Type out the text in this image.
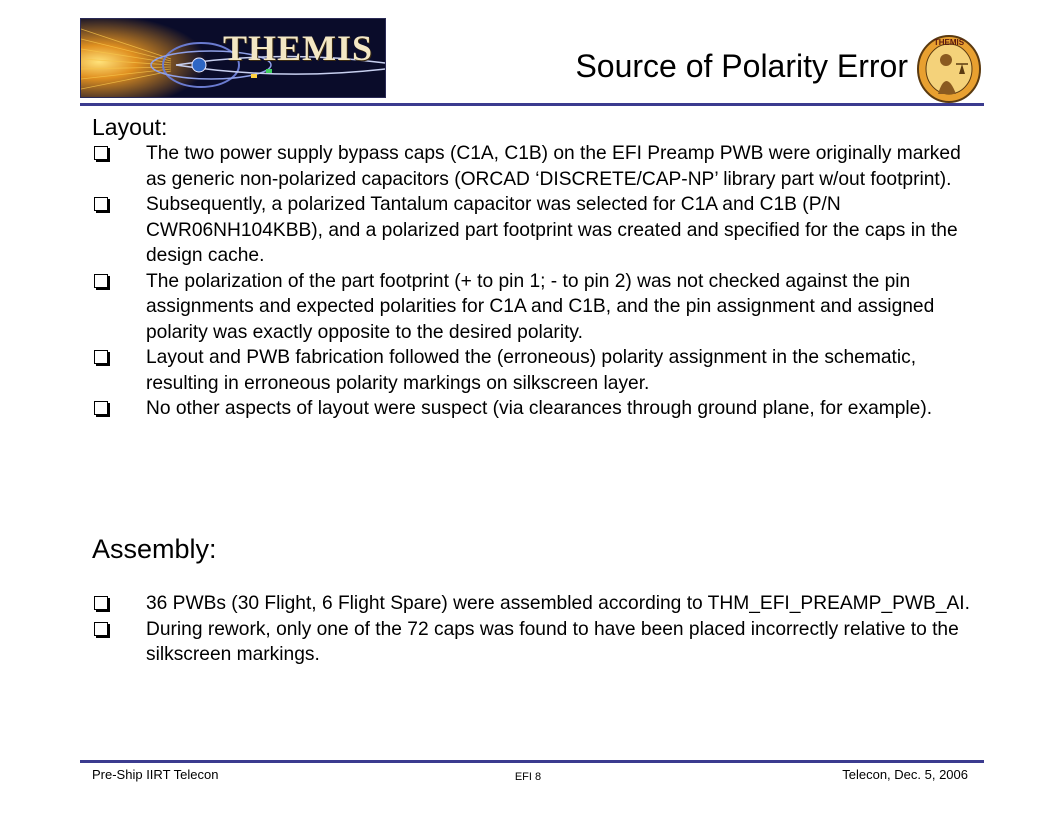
THEMIS	Source of Polarity Error
THEMIS
Layout:
The two power supply bypass caps (C1A, C1B) on the EFI Preamp PWB were originally marked as generic non-polarized capacitors (ORCAD ‘DISCRETE/CAP-NP’ library part w/out footprint).
Subsequently, a polarized Tantalum capacitor was selected for C1A and C1B (P/N CWR06NH104KBB), and a polarized part footprint was created and specified for the caps in the design cache.
The polarization of the part footprint (+ to pin 1; - to pin 2) was not checked against the pin assignments and expected polarities for C1A and C1B, and the pin assignment and assigned polarity was exactly opposite to the desired polarity.
Layout and PWB fabrication followed the (erroneous) polarity assignment in the schematic, resulting in erroneous polarity markings on silkscreen layer.
No other aspects of layout were suspect (via clearances through ground plane, for example).
Assembly:
36 PWBs (30 Flight, 6 Flight Spare) were assembled according to THM_EFI_PREAMP_PWB_AI.
During rework, only one of the 72 caps was found to have been placed incorrectly relative to the silkscreen markings.
Pre-Ship IIRT Telecon	EFI 8	Telecon, Dec. 5, 2006
